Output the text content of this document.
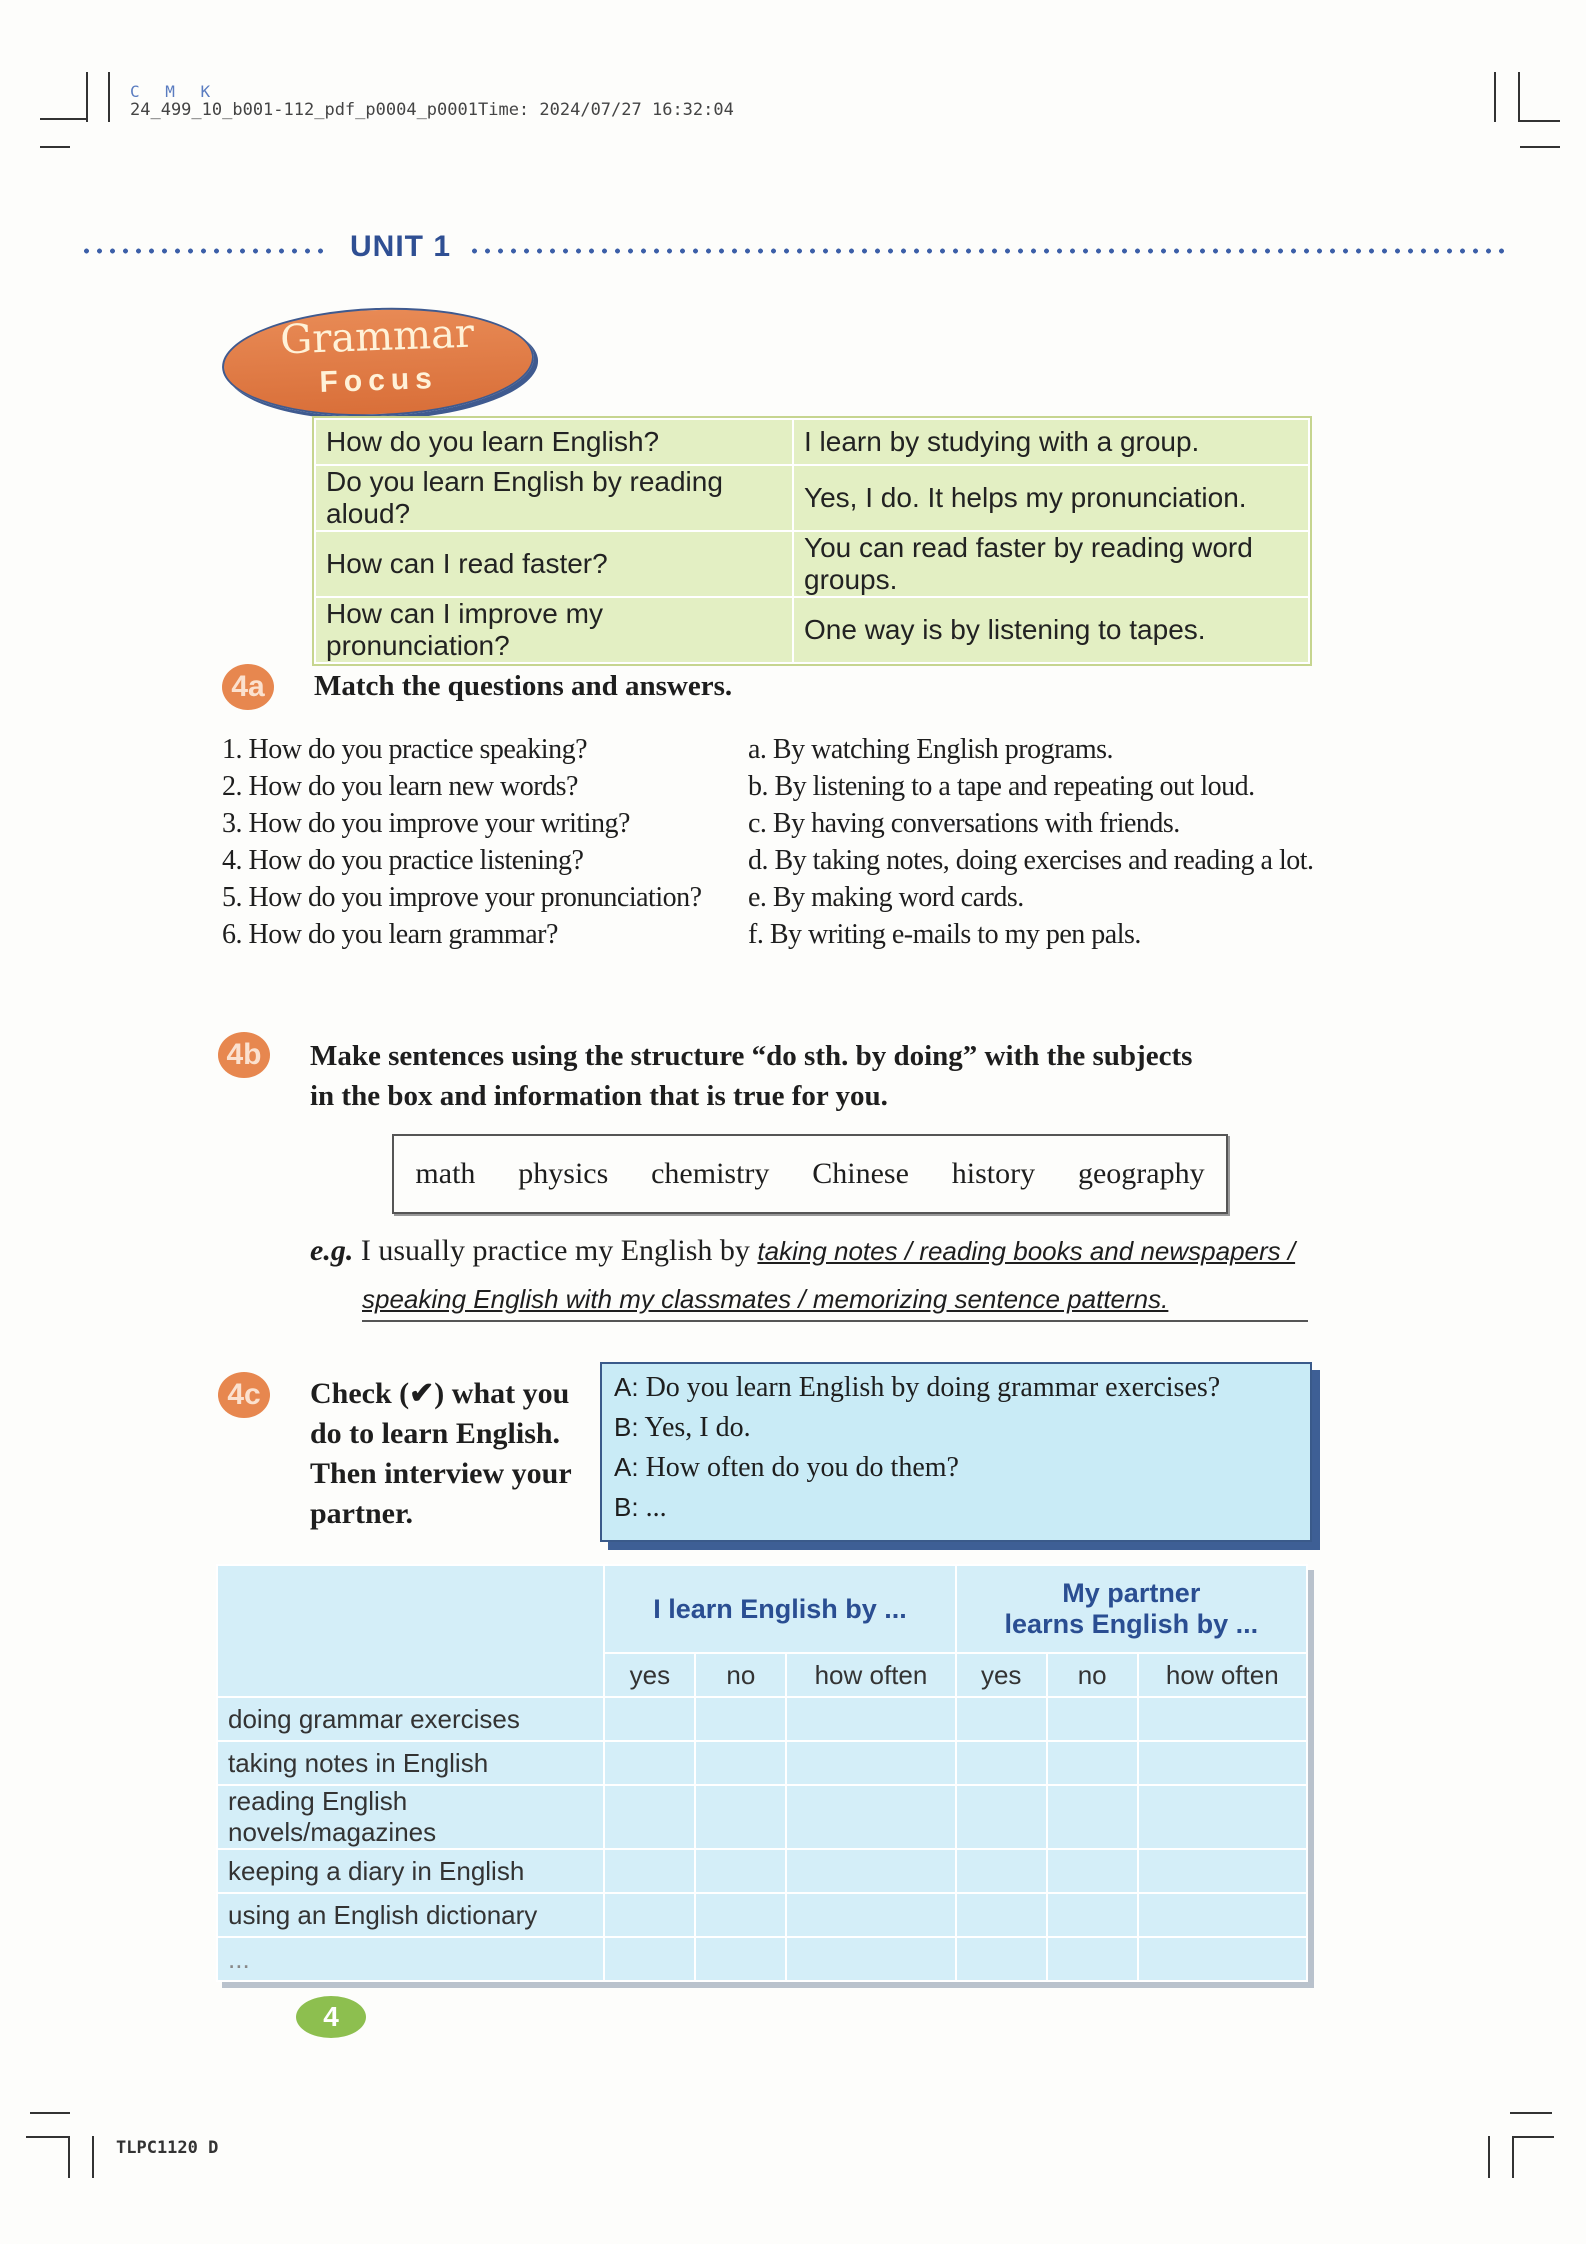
C M K
24_499_10_b001-112_pdf_p0004_p0001Time: 2024/07/27 16:32:04
UNIT 1
Grammar
Focus
How do you learn English?	I learn by studying with a group.
Do you learn English by reading aloud?	Yes, I do. It helps my pronunciation.
How can I read faster?	You can read faster by reading word groups.
How can I improve my pronunciation?	One way is by listening to tapes.
4a	Match the questions and answers.
1. How do you practice speaking?
2. How do you learn new words?
3. How do you improve your writing?
4. How do you practice listening?
5. How do you improve your pronunciation?
6. How do you learn grammar?
a. By watching English programs.
b. By listening to a tape and repeating out loud.
c. By having conversations with friends.
d. By taking notes, doing exercises and reading a lot.
e. By making word cards.
f. By writing e-mails to my pen pals.
4b Make sentences using the structure “do sth. by doing” with the subjects
in the box and information that is true for you.
math physics chemistry Chinese history geography
e.g. I usually practice my English by taking notes / reading books and newspapers /
speaking English with my classmates / memorizing sentence patterns.
4c	Check (✔) what you
do to learn English.
Then interview your
partner.
A: Do you learn English by doing grammar exercises?
B: Yes, I do.
A: How often do you do them?
B: ...
	I learn English by ...			My partner
learns English by ...		

	yes	no	how often	yes	no	how often
doing grammar exercises						
taking notes in English						
reading English novels/magazines						
keeping a diary in English						
using an English dictionary						
...						
4
TLPC1120 D
